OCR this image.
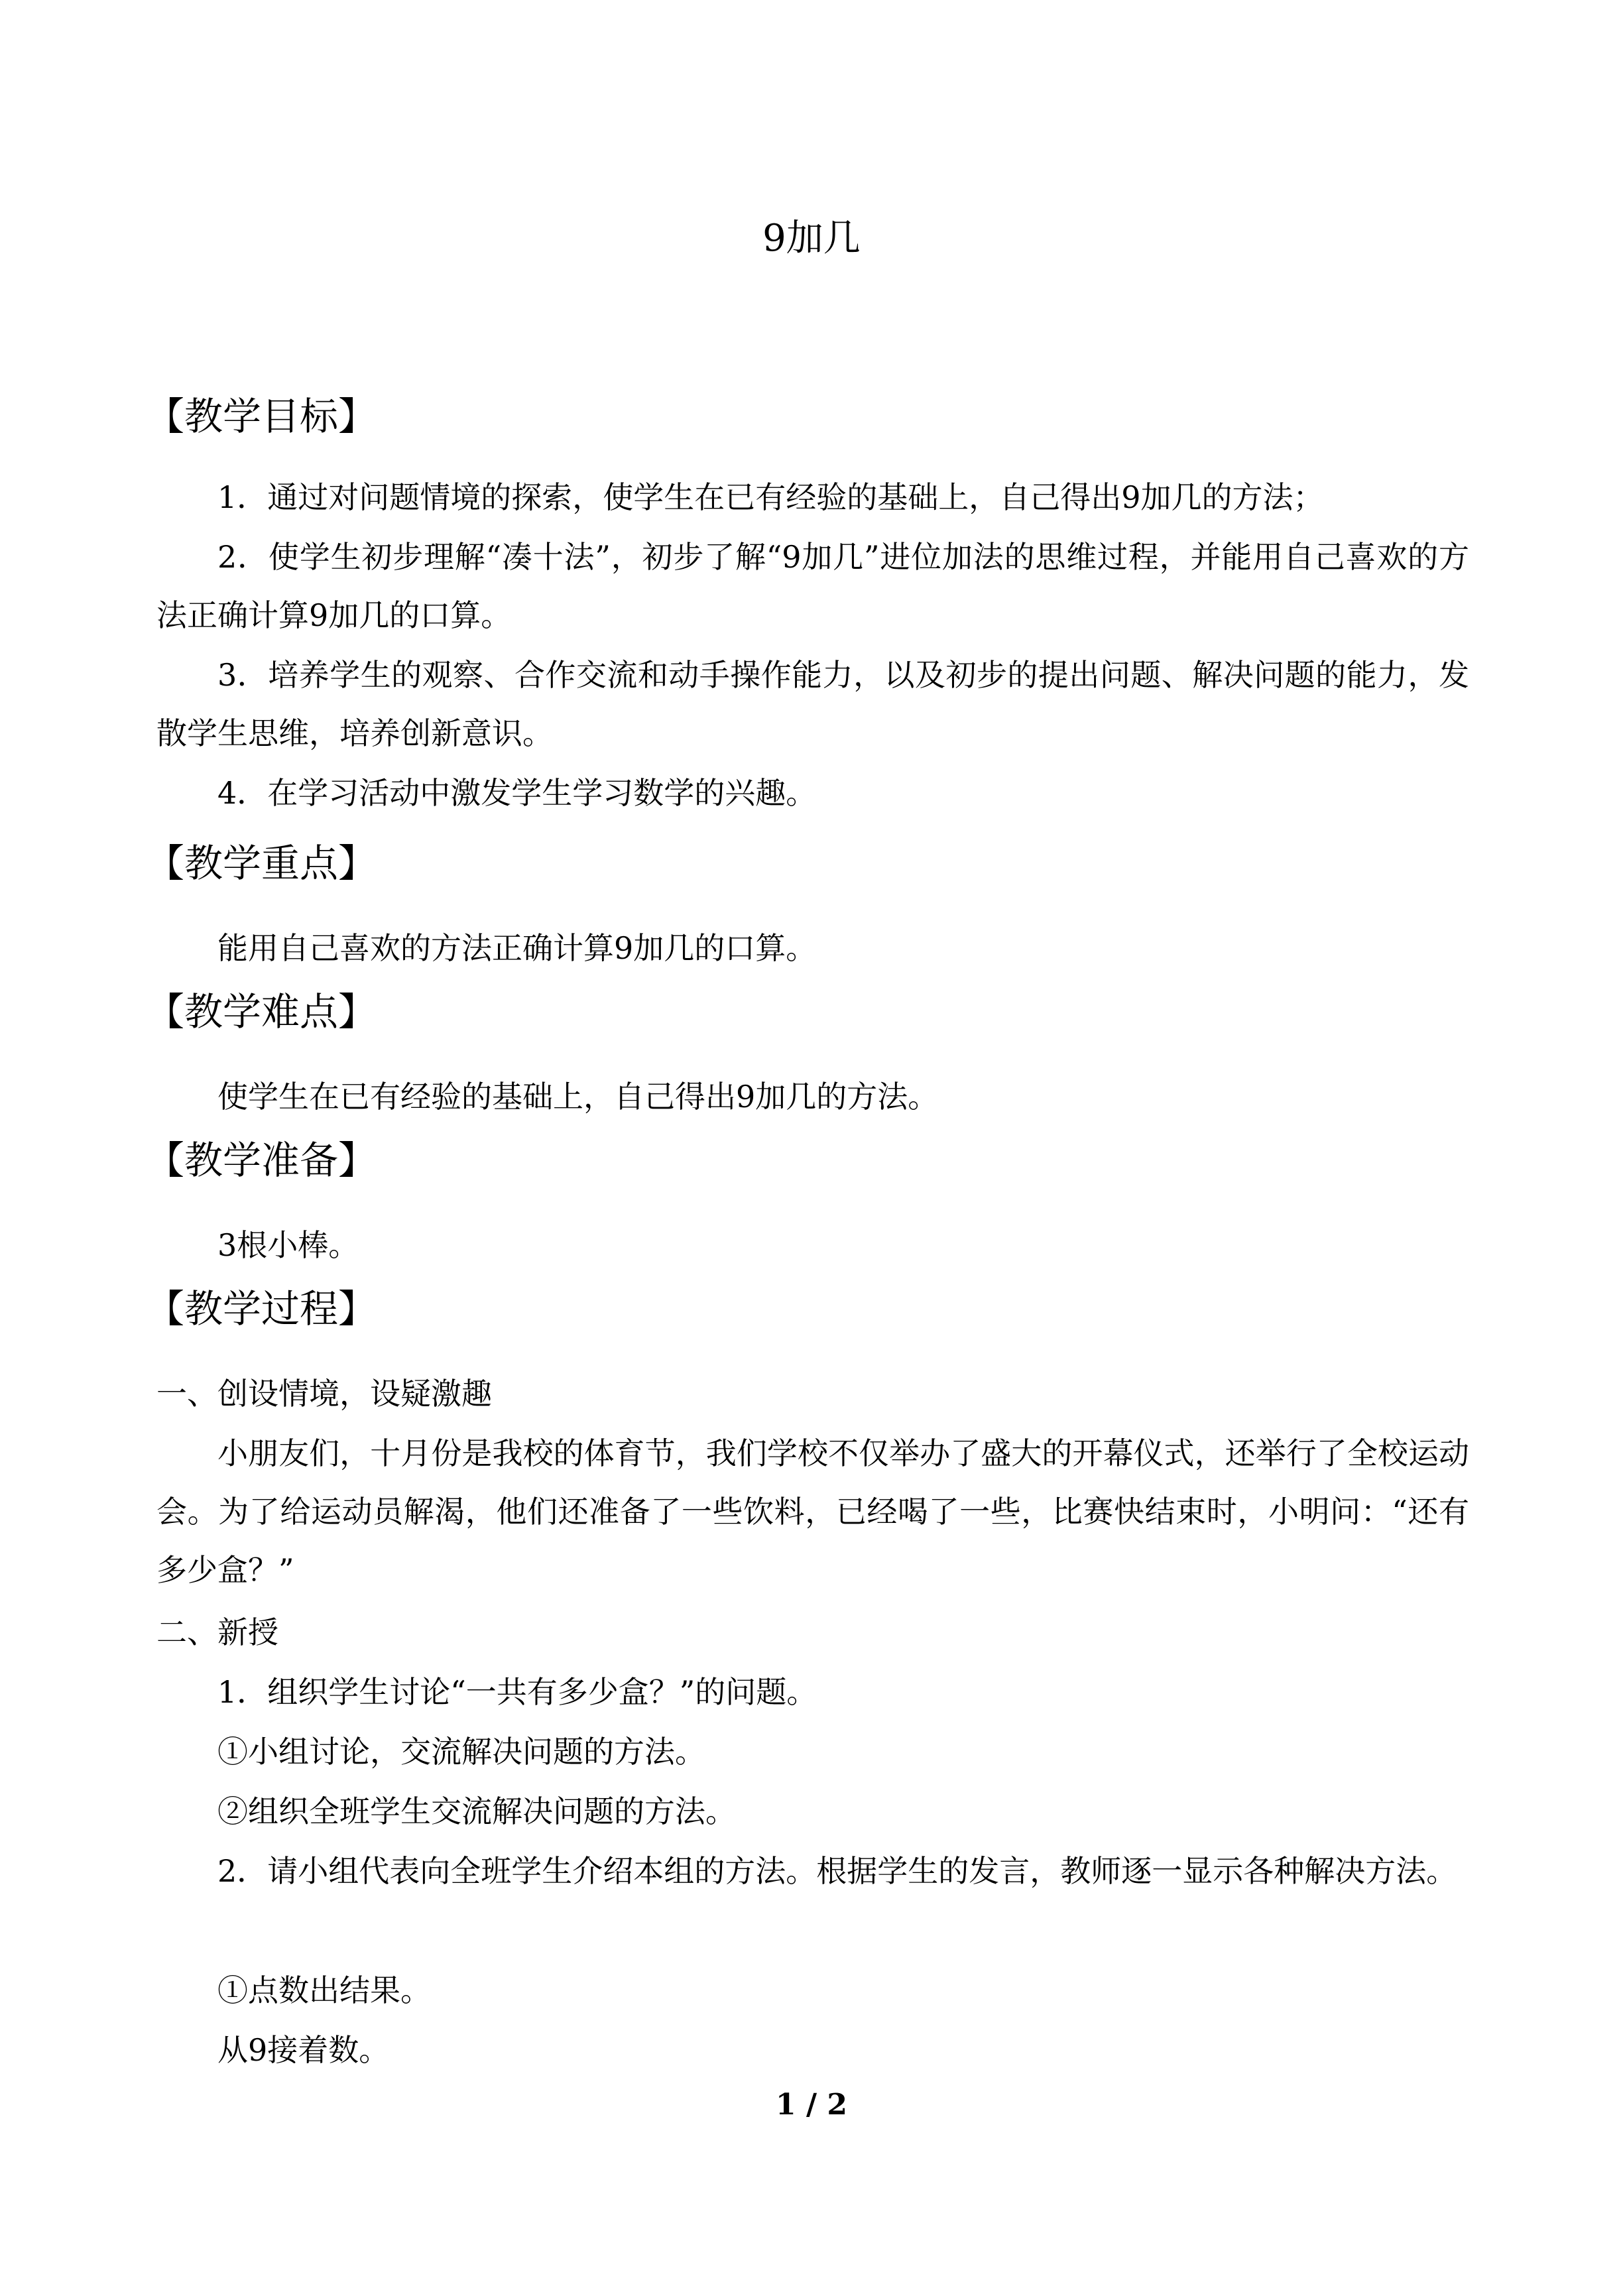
9加几
【教学目标】

1．通过对问题情境的探索，使学生在已有经验的基础上，自己得出9加几的方法；

2．使学生初步理解“凑十法”，初步了解“9加几”进位加法的思维过程，并能用自己喜欢的方法正确计算9加几的口算。

3．培养学生的观察、合作交流和动手操作能力，以及初步的提出问题、解决问题的能力，发散学生思维，培养创新意识。

4．在学习活动中激发学生学习数学的兴趣。

【教学重点】
能用自己喜欢的方法正确计算9加几的口算。
【教学难点】
使学生在已有经验的基础上，自己得出9加几的方法。
【教学准备】
3根小棒。
【教学过程】
一、创设情境，设疑激趣

小朋友们，十月份是我校的体育节，我们学校不仅举办了盛大的开幕仪式，还举行了全校运动会。为了给运动员解渴，他们还准备了一些饮料，已经喝了一些，比赛快结束时，小明问：“还有多少盒？”

二、新授
1．组织学生讨论“一共有多少盒？”的问题。
①小组讨论，交流解决问题的方法。
②组织全班学生交流解决问题的方法。

2．请小组代表向全班学生介绍本组的方法。根据学生的发言，教师逐一显示各种解决方法。

①点数出结果。
从9接着数。
1 / 2
